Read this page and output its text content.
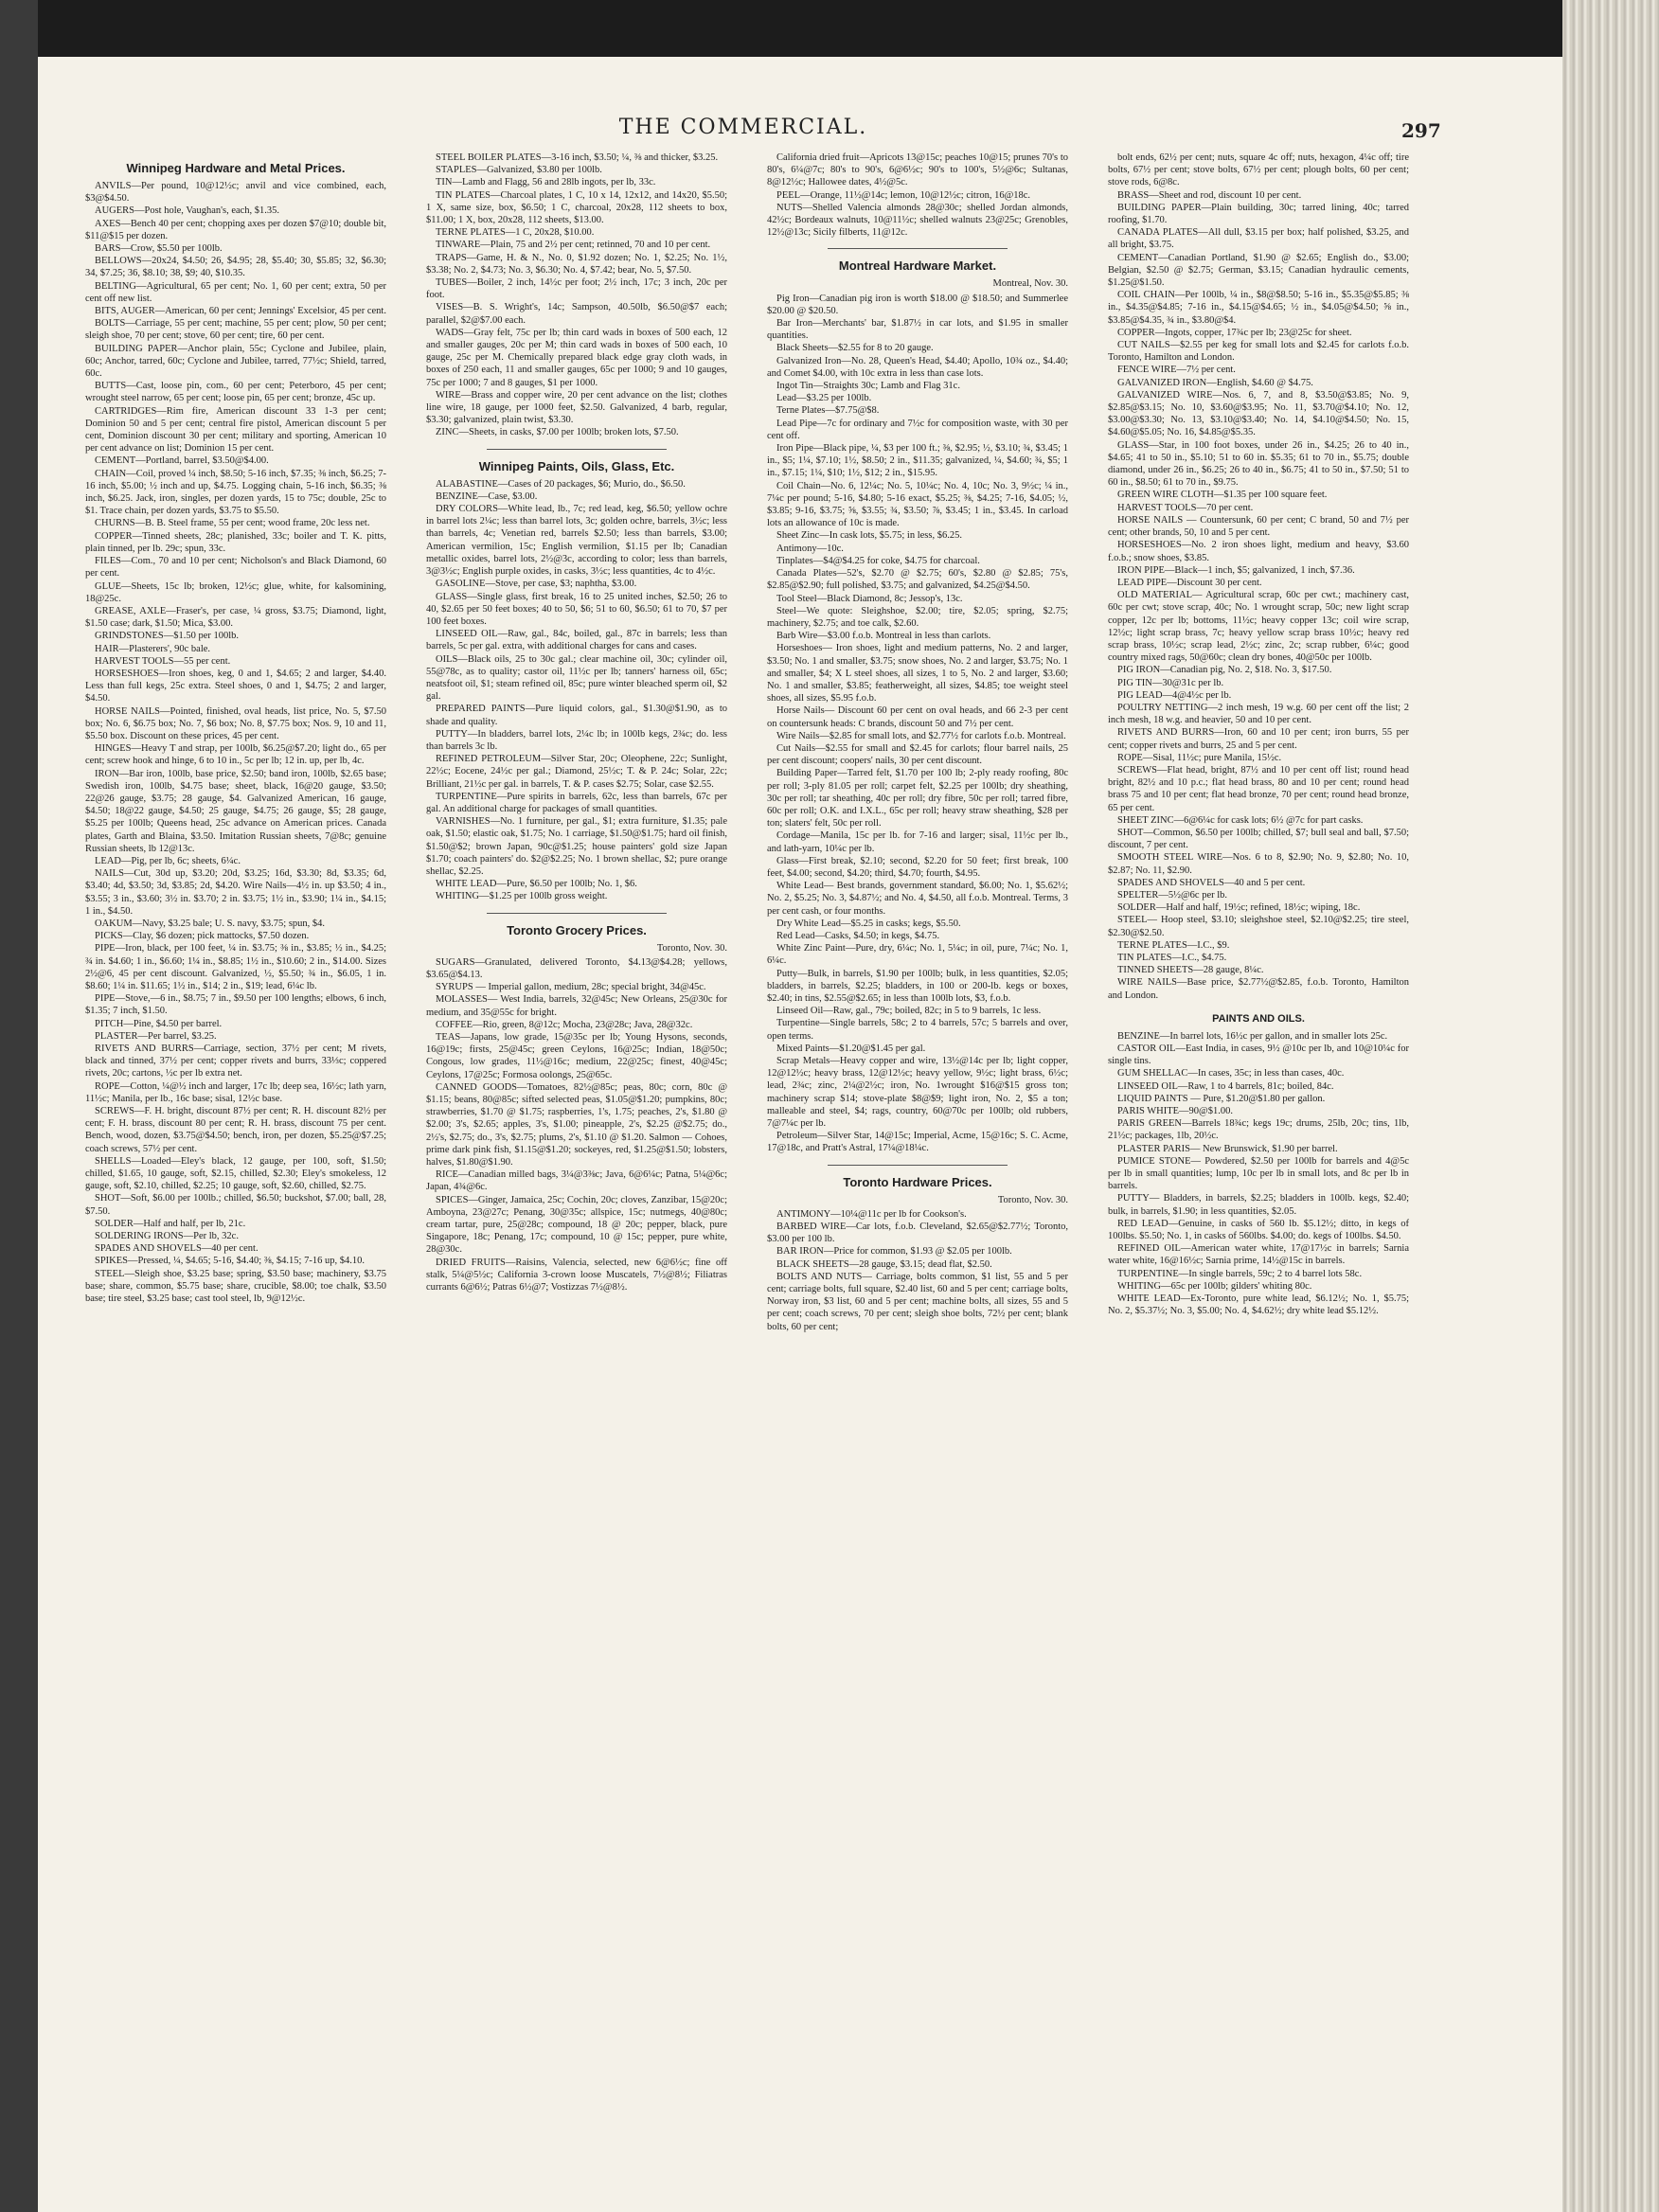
THE COMMERCIAL.	297
Winnipeg Hardware and Metal Prices.

ANVILS—Per pound, 10@12½c; anvil and vice combined, each, $3@$4.50.

AUGERS—Post hole, Vaughan's, each, $1.35.

AXES—Bench 40 per cent; chopping axes per dozen $7@10; double bit, $11@$15 per dozen.

BARS—Crow, $5.50 per 100lb.

BELLOWS—20x24, $4.50; 26, $4.95; 28, $5.40; 30, $5.85; 32, $6.30; 34, $7.25; 36, $8.10; 38, $9; 40, $10.35.

BELTING—Agricultural, 65 per cent; No. 1, 60 per cent; extra, 50 per cent off new list.

BITS, AUGER—American, 60 per cent; Jennings' Excelsior, 45 per cent.

BOLTS—Carriage, 55 per cent; machine, 55 per cent; plow, 50 per cent; sleigh shoe, 70 per cent; stove, 60 per cent; tire, 60 per cent.

BUILDING PAPER—Anchor plain, 55c; Cyclone and Jubilee, plain, 60c; Anchor, tarred, 60c; Cyclone and Jubilee, tarred, 77½c; Shield, tarred, 60c.

BUTTS—Cast, loose pin, com., 60 per cent; Peterboro, 45 per cent; wrought steel narrow, 65 per cent; loose pin, 65 per cent; bronze, 45c up.

CARTRIDGES—Rim fire, American discount 33 1-3 per cent; Dominion 50 and 5 per cent; central fire pistol, American discount 5 per cent, Dominion discount 30 per cent; military and sporting, American 10 per cent advance on list; Dominion 15 per cent.

CEMENT—Portland, barrel, $3.50@$4.00.

CHAIN—Coil, proved ¼ inch, $8.50; 5-16 inch, $7.35; ⅜ inch, $6.25; 7-16 inch, $5.00; ½ inch and up, $4.75. Logging chain, 5-16 inch, $6.35; ⅜ inch, $6.25. Jack, iron, singles, per dozen yards, 15 to 75c; double, 25c to $1. Trace chain, per dozen yards, $3.75 to $5.50.

CHURNS—B. B. Steel frame, 55 per cent; wood frame, 20c less net.

COPPER—Tinned sheets, 28c; planished, 33c; boiler and T. K. pitts, plain tinned, per lb. 29c; spun, 33c.

FILES—Com., 70 and 10 per cent; Nicholson's and Black Diamond, 60 per cent.

GLUE—Sheets, 15c lb; broken, 12½c; glue, white, for kalsomining, 18@25c.

GREASE, AXLE—Fraser's, per case, ¼ gross, $3.75; Diamond, light, $1.50 case; dark, $1.50; Mica, $3.00.

GRINDSTONES—$1.50 per 100lb.

HAIR—Plasterers', 90c bale.

HARVEST TOOLS—55 per cent.

HORSESHOES—Iron shoes, keg, 0 and 1, $4.65; 2 and larger, $4.40. Less than full kegs, 25c extra. Steel shoes, 0 and 1, $4.75; 2 and larger, $4.50.

HORSE NAILS—Pointed, finished, oval heads, list price, No. 5, $7.50 box; No. 6, $6.75 box; No. 7, $6 box; No. 8, $7.75 box; Nos. 9, 10 and 11, $5.50 box. Discount on these prices, 45 per cent.

HINGES—Heavy T and strap, per 100lb, $6.25@$7.20; light do., 65 per cent; screw hook and hinge, 6 to 10 in., 5c per lb; 12 in. up, per lb, 4c.

IRON—Bar iron, 100lb, base price, $2.50; band iron, 100lb, $2.65 base; Swedish iron, 100lb, $4.75 base; sheet, black, 16@20 gauge, $3.50; 22@26 gauge, $3.75; 28 gauge, $4. Galvanized American, 16 gauge, $4.50; 18@22 gauge, $4.50; 25 gauge, $4.75; 26 gauge, $5; 28 gauge, $5.25 per 100lb; Queens head, 25c advance on American prices. Canada plates, Garth and Blaina, $3.50. Imitation Russian sheets, 7@8c; genuine Russian sheets, lb 12@13c.

LEAD—Pig, per lb, 6c; sheets, 6¼c.

NAILS—Cut, 30d up, $3.20; 20d, $3.25; 16d, $3.30; 8d, $3.35; 6d, $3.40; 4d, $3.50; 3d, $3.85; 2d, $4.20. Wire Nails—4½ in. up $3.50; 4 in., $3.55; 3 in., $3.60; 3½ in. $3.70; 2 in. $3.75; 1½ in., $3.90; 1¼ in., $4.15; 1 in., $4.50.

OAKUM—Navy, $3.25 bale; U. S. navy, $3.75; spun, $4.

PICKS—Clay, $6 dozen; pick mattocks, $7.50 dozen.

PIPE—Iron, black, per 100 feet, ¼ in. $3.75; ⅜ in., $3.85; ½ in., $4.25; ¾ in. $4.60; 1 in., $6.60; 1¼ in., $8.85; 1½ in., $10.60; 2 in., $14.00. Sizes 2½@6, 45 per cent discount. Galvanized, ½, $5.50; ¾ in., $6.05, 1 in. $8.60; 1¼ in. $11.65; 1½ in., $14; 2 in., $19; lead, 6¼c lb.

PIPE—Stove,—6 in., $8.75; 7 in., $9.50 per 100 lengths; elbows, 6 inch, $1.35; 7 inch, $1.50.

PITCH—Pine, $4.50 per barrel.

PLASTER—Per barrel, $3.25.

RIVETS AND BURRS—Carriage, section, 37½ per cent; M rivets, black and tinned, 37½ per cent; copper rivets and burrs, 33⅓c; coppered rivets, 20c; cartons, ½c per lb extra net.

ROPE—Cotton, ¼@½ inch and larger, 17c lb; deep sea, 16½c; lath yarn, 11½c; Manila, per lb., 16c base; sisal, 12½c base.

SCREWS—F. H. bright, discount 87½ per cent; R. H. discount 82½ per cent; F. H. brass, discount 80 per cent; R. H. brass, discount 75 per cent. Bench, wood, dozen, $3.75@$4.50; bench, iron, per dozen, $5.25@$7.25; coach screws, 57½ per cent.

SHELLS—Loaded—Eley's black, 12 gauge, per 100, soft, $1.50; chilled, $1.65, 10 gauge, soft, $2.15, chilled, $2.30; Eley's smokeless, 12 gauge, soft, $2.10, chilled, $2.25; 10 gauge, soft, $2.60, chilled, $2.75.

SHOT—Soft, $6.00 per 100lb.; chilled, $6.50; buckshot, $7.00; ball, 28, $7.50.

SOLDER—Half and half, per lb, 21c.

SOLDERING IRONS—Per lb, 32c.

SPADES AND SHOVELS—40 per cent.

SPIKES—Pressed, ¼, $4.65; 5-16, $4.40; ⅜, $4.15; 7-16 up, $4.10.

STEEL—Sleigh shoe, $3.25 base; spring, $3.50 base; machinery, $3.75 base; share, common, $5.75 base; share, crucible, $8.00; toe chalk, $3.50 base; tire steel, $3.25 base; cast tool steel, lb, 9@12½c.

STEEL BOILER PLATES—3-16 inch, $3.50; ¼, ⅜ and thicker, $3.25.

STAPLES—Galvanized, $3.80 per 100lb.

TIN—Lamb and Flagg, 56 and 28lb ingots, per lb, 33c.

TIN PLATES—Charcoal plates, 1 C, 10 x 14, 12x12, and 14x20, $5.50; 1 X, same size, box, $6.50; 1 C, charcoal, 20x28, 112 sheets to box, $11.00; 1 X, box, 20x28, 112 sheets, $13.00.

TERNE PLATES—1 C, 20x28, $10.00.

TINWARE—Plain, 75 and 2½ per cent; retinned, 70 and 10 per cent.

TRAPS—Game, H. & N., No. 0, $1.92 dozen; No. 1, $2.25; No. 1½, $3.38; No. 2, $4.73; No. 3, $6.30; No. 4, $7.42; bear, No. 5, $7.50.

TUBES—Boiler, 2 inch, 14½c per foot; 2½ inch, 17c; 3 inch, 20c per foot.

VISES—B. S. Wright's, 14c; Sampson, 40.50lb, $6.50@$7 each; parallel, $2@$7.00 each.

WADS—Gray felt, 75c per lb; thin card wads in boxes of 500 each, 12 and smaller gauges, 20c per M; thin card wads in boxes of 500 each, 10 gauge, 25c per M. Chemically prepared black edge gray cloth wads, in boxes of 250 each, 11 and smaller gauges, 65c per 1000; 9 and 10 gauges, 75c per 1000; 7 and 8 gauges, $1 per 1000.

WIRE—Brass and copper wire, 20 per cent advance on the list; clothes line wire, 18 gauge, per 1000 feet, $2.50. Galvanized, 4 barb, regular, $3.30; galvanized, plain twist, $3.30.

ZINC—Sheets, in casks, $7.00 per 100lb; broken lots, $7.50.

Winnipeg Paints, Oils, Glass, Etc.

ALABASTINE—Cases of 20 packages, $6; Murio, do., $6.50.

BENZINE—Case, $3.00.

DRY COLORS—White lead, lb., 7c; red lead, keg, $6.50; yellow ochre in barrel lots 2¼c; less than barrel lots, 3c; golden ochre, barrels, 3½c; less than barrels, 4c; Venetian red, barrels $2.50; less than barrels, $3.00; American vermilion, 15c; English vermilion, $1.15 per lb; Canadian metallic oxides, barrel lots, 2½@3c, according to color; less than barrels, 3@3½c; English purple oxides, in casks, 3½c; less quantities, 4c to 4½c.

GASOLINE—Stove, per case, $3; naphtha, $3.00.

GLASS—Single glass, first break, 16 to 25 united inches, $2.50; 26 to 40, $2.65 per 50 feet boxes; 40 to 50, $6; 51 to 60, $6.50; 61 to 70, $7 per 100 feet boxes.

LINSEED OIL—Raw, gal., 84c, boiled, gal., 87c in barrels; less than barrels, 5c per gal. extra, with additional charges for cans and cases.

OILS—Black oils, 25 to 30c gal.; clear machine oil, 30c; cylinder oil, 55@78c, as to quality; castor oil, 11½c per lb; tanners' harness oil, 65c; neatsfoot oil, $1; steam refined oil, 85c; pure winter bleached sperm oil, $2 gal.

PREPARED PAINTS—Pure liquid colors, gal., $1.30@$1.90, as to shade and quality.

PUTTY—In bladders, barrel lots, 2¼c lb; in 100lb kegs, 2¾c; do. less than barrels 3c lb.

REFINED PETROLEUM—Silver Star, 20c; Oleophene, 22c; Sunlight, 22½c; Eocene, 24½c per gal.; Diamond, 25½c; T. & P. 24c; Solar, 22c; Brilliant, 21½c per gal. in barrels, T. & P. cases $2.75; Solar, case $2.55.

TURPENTINE—Pure spirits in barrels, 62c, less than barrels, 67c per gal. An additional charge for packages of small quantities.

VARNISHES—No. 1 furniture, per gal., $1; extra furniture, $1.35; pale oak, $1.50; elastic oak, $1.75; No. 1 carriage, $1.50@$1.75; hard oil finish, $1.50@$2; brown Japan, 90c@$1.25; house painters' gold size Japan $1.70; coach painters' do. $2@$2.25; No. 1 brown shellac, $2; pure orange shellac, $2.25.

WHITE LEAD—Pure, $6.50 per 100lb; No. 1, $6.

WHITING—$1.25 per 100lb gross weight.

Toronto Grocery Prices.
Toronto, Nov. 30.

SUGARS—Granulated, delivered Toronto, $4.13@$4.28; yellows, $3.65@$4.13.

SYRUPS — Imperial gallon, medium, 28c; special bright, 34@45c.

MOLASSES— West India, barrels, 32@45c; New Orleans, 25@30c for medium, and 35@55c for bright.

COFFEE—Rio, green, 8@12c; Mocha, 23@28c; Java, 28@32c.

TEAS—Japans, low grade, 15@35c per lb; Young Hysons, seconds, 16@19c; firsts, 25@45c; green Ceylons, 16@25c; Indian, 18@50c; Congous, low grades, 11½@16c; medium, 22@25c; finest, 40@45c; Ceylons, 17@25c; Formosa oolongs, 25@65c.

CANNED GOODS—Tomatoes, 82½@85c; peas, 80c; corn, 80c @ $1.15; beans, 80@85c; sifted selected peas, $1.05@$1.20; pumpkins, 80c; strawberries, $1.70 @ $1.75; raspberries, 1's, 1.75; peaches, 2's, $1.80 @ $2.00; 3's, $2.65; apples, 3's, $1.00; pineapple, 2's, $2.25 @$2.75; do., 2½'s, $2.75; do., 3's, $2.75; plums, 2's, $1.10 @ $1.20. Salmon — Cohoes, prime dark pink fish, $1.15@$1.20; sockeyes, red, $1.25@$1.50; lobsters, halves, $1.80@$1.90.

RICE—Canadian milled bags, 3¼@3⅜c; Java, 6@6¼c; Patna, 5¼@6c; Japan, 4¾@6c.

SPICES—Ginger, Jamaica, 25c; Cochin, 20c; cloves, Zanzibar, 15@20c; Amboyna, 23@27c; Penang, 30@35c; allspice, 15c; nutmegs, 40@80c; cream tartar, pure, 25@28c; compound, 18 @ 20c; pepper, black, pure Singapore, 18c; Penang, 17c; compound, 10 @ 15c; pepper, pure white, 28@30c.

DRIED FRUITS—Raisins, Valencia, selected, new 6@6½c; fine off stalk, 5¼@5½c; California 3-crown loose Muscatels, 7½@8½; Filiatras currants 6@6½; Patras 6½@7; Vostizzas 7½@8½.

California dried fruit—Apricots 13@15c; peaches 10@15; prunes 70's to 80's, 6¼@7c; 80's to 90's, 6@6½c; 90's to 100's, 5½@6c; Sultanas, 8@12½c; Hallowee dates, 4½@5c.

PEEL—Orange, 11½@14c; lemon, 10@12½c; citron, 16@18c.

NUTS—Shelled Valencia almonds 28@30c; shelled Jordan almonds, 42½c; Bordeaux walnuts, 10@11½c; shelled walnuts 23@25c; Grenobles, 12½@13c; Sicily filberts, 11@12c.

Montreal Hardware Market.
Montreal, Nov. 30.

Pig Iron—Canadian pig iron is worth $18.00 @ $18.50; and Summerlee $20.00 @ $20.50.

Bar Iron—Merchants' bar, $1.87½ in car lots, and $1.95 in smaller quantities.

Black Sheets—$2.55 for 8 to 20 gauge.

Galvanized Iron—No. 28, Queen's Head, $4.40; Apollo, 10¾ oz., $4.40; and Comet $4.00, with 10c extra in less than case lots.

Ingot Tin—Straights 30c; Lamb and Flag 31c.

Lead—$3.25 per 100lb.

Terne Plates—$7.75@$8.

Lead Pipe—7c for ordinary and 7½c for composition waste, with 30 per cent off.

Iron Pipe—Black pipe, ¼, $3 per 100 ft.; ⅜, $2.95; ½, $3.10; ¾, $3.45; 1 in., $5; 1¼, $7.10; 1½, $8.50; 2 in., $11.35; galvanized, ¼, $4.60; ¾, $5; 1 in., $7.15; 1¼, $10; 1½, $12; 2 in., $15.95.

Coil Chain—No. 6, 12¼c; No. 5, 10¼c; No. 4, 10c; No. 3, 9½c; ¼ in., 7¼c per pound; 5-16, $4.80; 5-16 exact, $5.25; ⅜, $4.25; 7-16, $4.05; ½, $3.85; 9-16, $3.75; ⅝, $3.55; ¾, $3.50; ⅞, $3.45; 1 in., $3.45. In carload lots an allowance of 10c is made.

Sheet Zinc—In cask lots, $5.75; in less, $6.25.

Antimony—10c.

Tinplates—$4@$4.25 for coke, $4.75 for charcoal.

Canada Plates—52's, $2.70 @ $2.75; 60's, $2.80 @ $2.85; 75's, $2.85@$2.90; full polished, $3.75; and galvanized, $4.25@$4.50.

Tool Steel—Black Diamond, 8c; Jessop's, 13c.

Steel—We quote: Sleighshoe, $2.00; tire, $2.05; spring, $2.75; machinery, $2.75; and toe calk, $2.60.

Barb Wire—$3.00 f.o.b. Montreal in less than carlots.

Horseshoes— Iron shoes, light and medium patterns, No. 2 and larger, $3.50; No. 1 and smaller, $3.75; snow shoes, No. 2 and larger, $3.75; No. 1 and smaller, $4; X L steel shoes, all sizes, 1 to 5, No. 2 and larger, $3.60; No. 1 and smaller, $3.85; featherweight, all sizes, $4.85; toe weight steel shoes, all sizes, $5.95 f.o.b.

Horse Nails— Discount 60 per cent on oval heads, and 66 2-3 per cent on countersunk heads: C brands, discount 50 and 7½ per cent.

Wire Nails—$2.85 for small lots, and $2.77½ for carlots f.o.b. Montreal.

Cut Nails—$2.55 for small and $2.45 for carlots; flour barrel nails, 25 per cent discount; coopers' nails, 30 per cent discount.

Building Paper—Tarred felt, $1.70 per 100 lb; 2-ply ready roofing, 80c per roll; 3-ply 81.05 per roll; carpet felt, $2.25 per 100lb; dry sheathing, 30c per roll; tar sheathing, 40c per roll; dry fibre, 50c per roll; tarred fibre, 60c per roll; O.K. and I.X.L., 65c per roll; heavy straw sheathing, $28 per ton; slaters' felt, 50c per roll.

Cordage—Manila, 15c per lb. for 7-16 and larger; sisal, 11½c per lb., and lath-yarn, 10¼c per lb.

Glass—First break, $2.10; second, $2.20 for 50 feet; first break, 100 feet, $4.00; second, $4.20; third, $4.70; fourth, $4.95.

White Lead— Best brands, government standard, $6.00; No. 1, $5.62½; No. 2, $5.25; No. 3, $4.87½; and No. 4, $4.50, all f.o.b. Montreal. Terms, 3 per cent cash, or four months.

Dry White Lead—$5.25 in casks; kegs, $5.50.

Red Lead—Casks, $4.50; in kegs, $4.75.

White Zinc Paint—Pure, dry, 6¼c; No. 1, 5¼c; in oil, pure, 7¼c; No. 1, 6¼c.

Putty—Bulk, in barrels, $1.90 per 100lb; bulk, in less quantities, $2.05; bladders, in barrels, $2.25; bladders, in 100 or 200-lb. kegs or boxes, $2.40; in tins, $2.55@$2.65; in less than 100lb lots, $3, f.o.b.

Linseed Oil—Raw, gal., 79c; boiled, 82c; in 5 to 9 barrels, 1c less.

Turpentine—Single barrels, 58c; 2 to 4 barrels, 57c; 5 barrels and over, open terms.

Mixed Paints—$1.20@$1.45 per gal.

Scrap Metals—Heavy copper and wire, 13½@14c per lb; light copper, 12@12½c; heavy brass, 12@12½c; heavy yellow, 9½c; light brass, 6½c; lead, 2¾c; zinc, 2¼@2½c; iron, No. 1wrought $16@$15 gross ton; machinery scrap $14; stove-plate $8@$9; light iron, No. 2, $5 a ton; malleable and steel, $4; rags, country, 60@70c per 100lb; old rubbers, 7@7¼c per lb.

Petroleum—Silver Star, 14@15c; Imperial, Acme, 15@16c; S. C. Acme, 17@18c, and Pratt's Astral, 17¼@18¼c.

Toronto Hardware Prices.
Toronto, Nov. 30.

ANTIMONY—10¼@11c per lb for Cookson's.

BARBED WIRE—Car lots, f.o.b. Cleveland, $2.65@$2.77½; Toronto, $3.00 per 100 lb.

BAR IRON—Price for common, $1.93 @ $2.05 per 100lb.

BLACK SHEETS—28 gauge, $3.15; dead flat, $2.50.

BOLTS AND NUTS— Carriage, bolts common, $1 list, 55 and 5 per cent; carriage bolts, full square, $2.40 list, 60 and 5 per cent; carriage bolts, Norway iron, $3 list, 60 and 5 per cent; machine bolts, all sizes, 55 and 5 per cent; coach screws, 70 per cent; sleigh shoe bolts, 72½ per cent; blank bolts, 60 per cent;

bolt ends, 62½ per cent; nuts, square 4c off; nuts, hexagon, 4¼c off; tire bolts, 67½ per cent; stove bolts, 67½ per cent; plough bolts, 60 per cent; stove rods, 6@8c.

BRASS—Sheet and rod, discount 10 per cent.

BUILDING PAPER—Plain building, 30c; tarred lining, 40c; tarred roofing, $1.70.

CANADA PLATES—All dull, $3.15 per box; half polished, $3.25, and all bright, $3.75.

CEMENT—Canadian Portland, $1.90 @ $2.65; English do., $3.00; Belgian, $2.50 @ $2.75; German, $3.15; Canadian hydraulic cements, $1.25@$1.50.

COIL CHAIN—Per 100lb, ¼ in., $8@$8.50; 5-16 in., $5.35@$5.85; ⅜ in., $4.35@$4.85; 7-16 in., $4.15@$4.65; ½ in., $4.05@$4.50; ⅝ in., $3.85@$4.35, ¾ in., $3.80@$4.

COPPER—Ingots, copper, 17¾c per lb; 23@25c for sheet.

CUT NAILS—$2.55 per keg for small lots and $2.45 for carlots f.o.b. Toronto, Hamilton and London.

FENCE WIRE—7½ per cent.

GALVANIZED IRON—English, $4.60 @ $4.75.

GALVANIZED WIRE—Nos. 6, 7, and 8, $3.50@$3.85; No. 9, $2.85@$3.15; No. 10, $3.60@$3.95; No. 11, $3.70@$4.10; No. 12, $3.00@$3.30; No. 13, $3.10@$3.40; No. 14, $4.10@$4.50; No. 15, $4.60@$5.05; No. 16, $4.85@$5.35.

GLASS—Star, in 100 foot boxes, under 26 in., $4.25; 26 to 40 in., $4.65; 41 to 50 in., $5.10; 51 to 60 in. $5.35; 61 to 70 in., $5.75; double diamond, under 26 in., $6.25; 26 to 40 in., $6.75; 41 to 50 in., $7.50; 51 to 60 in., $8.50; 61 to 70 in., $9.75.

GREEN WIRE CLOTH—$1.35 per 100 square feet.

HARVEST TOOLS—70 per cent.

HORSE NAILS — Countersunk, 60 per cent; C brand, 50 and 7½ per cent; other brands, 50, 10 and 5 per cent.

HORSESHOES—No. 2 iron shoes light, medium and heavy, $3.60 f.o.b.; snow shoes, $3.85.

IRON PIPE—Black—1 inch, $5; galvanized, 1 inch, $7.36.

LEAD PIPE—Discount 30 per cent.

OLD MATERIAL— Agricultural scrap, 60c per cwt.; machinery cast, 60c per cwt; stove scrap, 40c; No. 1 wrought scrap, 50c; new light scrap copper, 12c per lb; bottoms, 11½c; heavy copper 13c; coil wire scrap, 12½c; light scrap brass, 7c; heavy yellow scrap brass 10½c; heavy red scrap brass, 10½c; scrap lead, 2½c; zinc, 2c; scrap rubber, 6¼c; good country mixed rags, 50@60c; clean dry bones, 40@50c per 100lb.

PIG IRON—Canadian pig, No. 2, $18. No. 3, $17.50.

PIG TIN—30@31c per lb.

PIG LEAD—4@4½c per lb.

POULTRY NETTING—2 inch mesh, 19 w.g. 60 per cent off the list; 2 inch mesh, 18 w.g. and heavier, 50 and 10 per cent.

RIVETS AND BURRS—Iron, 60 and 10 per cent; iron burrs, 55 per cent; copper rivets and burrs, 25 and 5 per cent.

ROPE—Sisal, 11½c; pure Manila, 15½c.

SCREWS—Flat head, bright, 87½ and 10 per cent off list; round head bright, 82½ and 10 p.c.; flat head brass, 80 and 10 per cent; round head brass 75 and 10 per cent; flat head bronze, 70 per cent; round head bronze, 65 per cent.

SHEET ZINC—6@6¼c for cask lots; 6½ @7c for part casks.

SHOT—Common, $6.50 per 100lb; chilled, $7; bull seal and ball, $7.50; discount, 7 per cent.

SMOOTH STEEL WIRE—Nos. 6 to 8, $2.90; No. 9, $2.80; No. 10, $2.87; No. 11, $2.90.

SPADES AND SHOVELS—40 and 5 per cent.

SPELTER—5½@6c per lb.

SOLDER—Half and half, 19½c; refined, 18½c; wiping, 18c.

STEEL— Hoop steel, $3.10; sleighshoe steel, $2.10@$2.25; tire steel, $2.30@$2.50.

TERNE PLATES—I.C., $9.

TIN PLATES—I.C., $4.75.

TINNED SHEETS—28 gauge, 8¼c.

WIRE NAILS—Base price, $2.77½@$2.85, f.o.b. Toronto, Hamilton and London.

PAINTS AND OILS.

BENZINE—In barrel lots, 16½c per gallon, and in smaller lots 25c.

CASTOR OIL—East India, in cases, 9½ @10c per lb, and 10@10¼c for single tins.

GUM SHELLAC—In cases, 35c; in less than cases, 40c.

LINSEED OIL—Raw, 1 to 4 barrels, 81c; boiled, 84c.

LIQUID PAINTS — Pure, $1.20@$1.80 per gallon.

PARIS WHITE—90@$1.00.

PARIS GREEN—Barrels 18¾c; kegs 19c; drums, 25lb, 20c; tins, 1lb, 21½c; packages, 1lb, 20½c.

PLASTER PARIS— New Brunswick, $1.90 per barrel.

PUMICE STONE— Powdered, $2.50 per 100lb for barrels and 4@5c per lb in small quantities; lump, 10c per lb in small lots, and 8c per lb in barrels.

PUTTY— Bladders, in barrels, $2.25; bladders in 100lb. kegs, $2.40; bulk, in barrels, $1.90; in less quantities, $2.05.

RED LEAD—Genuine, in casks of 560 lb. $5.12½; ditto, in kegs of 100lbs. $5.50; No. 1, in casks of 560lbs. $4.00; do. kegs of 100lbs. $4.50.

REFINED OIL—American water white, 17@17½c in barrels; Sarnia water white, 16@16½c; Sarnia prime, 14½@15c in barrels.

TURPENTINE—In single barrels, 59c; 2 to 4 barrel lots 58c.

WHITING—65c per 100lb; gilders' whiting 80c.

WHITE LEAD—Ex-Toronto, pure white lead, $6.12½; No. 1, $5.75; No. 2, $5.37½; No. 3, $5.00; No. 4, $4.62½; dry white lead $5.12½.
